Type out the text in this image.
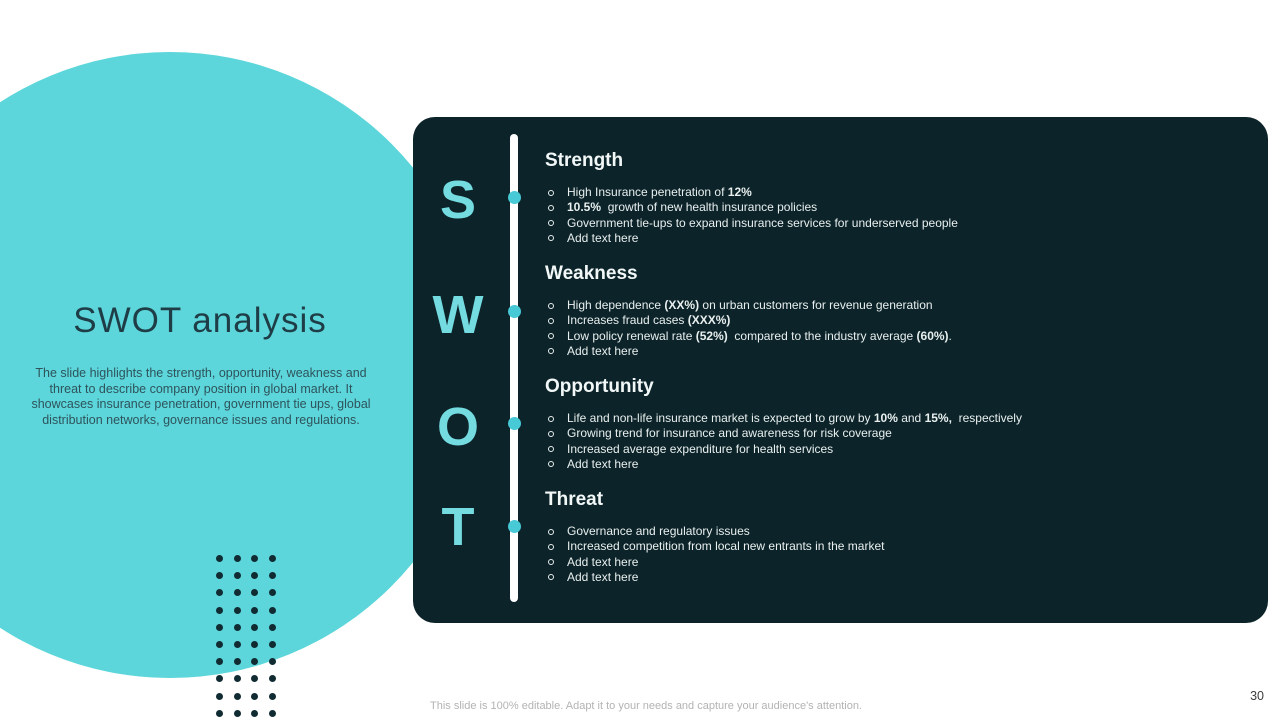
SWOT analysis

The slide highlights the strength, opportunity, weakness and threat to describe company position in global market. It showcases insurance penetration, government tie ups, global distribution networks, governance issues and regulations.

S
W
O
T
Strength
High Insurance penetration of 12%
10.5%  growth of new health insurance policies
Government tie-ups to expand insurance services for underserved people
Add text here
Weakness
High dependence (XX%) on urban customers for revenue generation
Increases fraud cases (XXX%)
Low policy renewal rate (52%)  compared to the industry average (60%).
Add text here
Opportunity
Life and non-life insurance market is expected to grow by 10% and 15%,  respectively
Growing trend for insurance and awareness for risk coverage
Increased average expenditure for health services
Add text here
Threat
Governance and regulatory issues
Increased competition from local new entrants in the market
Add text here
Add text here
This slide is 100% editable. Adapt it to your needs and capture your audience's attention.
30
